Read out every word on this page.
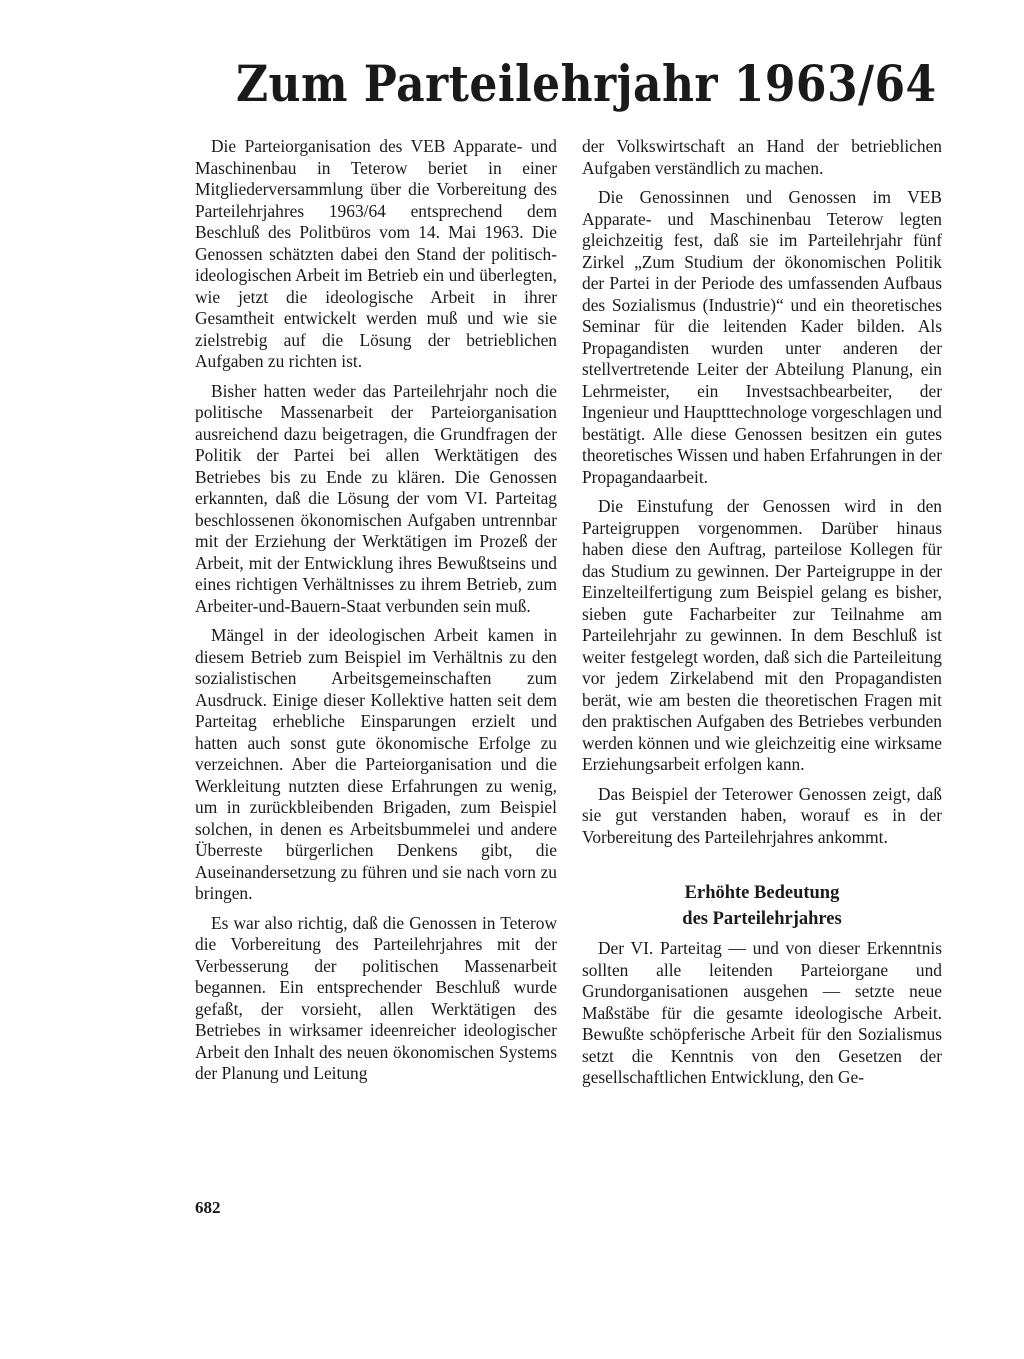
Zum Parteilehrjahr 1963/64

Die Parteiorganisation des VEB Apparate- und Maschinenbau in Teterow beriet in einer Mitgliederversammlung über die Vorbereitung des Parteilehrjahres 1963/64 entsprechend dem Beschluß des Politbüros vom 14. Mai 1963. Die Genossen schätzten dabei den Stand der politisch-ideologischen Arbeit im Betrieb ein und überlegten, wie jetzt die ideologische Arbeit in ihrer Gesamtheit entwickelt werden muß und wie sie zielstrebig auf die Lösung der betrieblichen Aufgaben zu richten ist.

Bisher hatten weder das Parteilehrjahr noch die politische Massenarbeit der Parteiorganisation ausreichend dazu beigetragen, die Grundfragen der Politik der Partei bei allen Werktätigen des Betriebes bis zu Ende zu klären. Die Genossen erkannten, daß die Lösung der vom VI. Parteitag beschlossenen ökonomischen Aufgaben untrennbar mit der Erziehung der Werktätigen im Prozeß der Arbeit, mit der Entwicklung ihres Bewußtseins und eines richtigen Verhältnisses zu ihrem Betrieb, zum Arbeiter-und-Bauern-Staat verbunden sein muß.

Mängel in der ideologischen Arbeit kamen in diesem Betrieb zum Beispiel im Verhältnis zu den sozialistischen Arbeitsgemeinschaften zum Ausdruck. Einige dieser Kollektive hatten seit dem Parteitag erhebliche Einsparungen erzielt und hatten auch sonst gute ökonomische Erfolge zu verzeichnen. Aber die Parteiorganisation und die Werkleitung nutzten diese Erfahrungen zu wenig, um in zurückbleibenden Brigaden, zum Beispiel solchen, in denen es Arbeitsbummelei und andere Überreste bürgerlichen Denkens gibt, die Auseinandersetzung zu führen und sie nach vorn zu bringen.

Es war also richtig, daß die Genossen in Teterow die Vorbereitung des Parteilehrjahres mit der Verbesserung der politischen Massenarbeit begannen. Ein entsprechender Beschluß wurde gefaßt, der vorsieht, allen Werktätigen des Betriebes in wirksamer ideenreicher ideologischer Arbeit den Inhalt des neuen ökonomischen Systems der Planung und Leitung

der Volkswirtschaft an Hand der betrieblichen Aufgaben verständlich zu machen.

Die Genossinnen und Genossen im VEB Apparate- und Maschinenbau Teterow legten gleichzeitig fest, daß sie im Parteilehrjahr fünf Zirkel „Zum Studium der ökonomischen Politik der Partei in der Periode des umfassenden Aufbaus des Sozialismus (Industrie)“ und ein theoretisches Seminar für die leitenden Kader bilden. Als Propagandisten wurden unter anderen der stellvertretende Leiter der Abteilung Planung, ein Lehrmeister, ein Investsachbearbeiter, der Ingenieur und Hauptttechnologe vorgeschlagen und bestätigt. Alle diese Genossen besitzen ein gutes theoretisches Wissen und haben Erfahrungen in der Propagandaarbeit.

Die Einstufung der Genossen wird in den Parteigruppen vorgenommen. Darüber hinaus haben diese den Auftrag, parteilose Kollegen für das Studium zu gewinnen. Der Parteigruppe in der Einzelteilfertigung zum Beispiel gelang es bisher, sieben gute Facharbeiter zur Teilnahme am Parteilehrjahr zu gewinnen. In dem Beschluß ist weiter festgelegt worden, daß sich die Parteileitung vor jedem Zirkelabend mit den Propagandisten berät, wie am besten die theoretischen Fragen mit den praktischen Aufgaben des Betriebes verbunden werden können und wie gleichzeitig eine wirksame Erziehungsarbeit erfolgen kann.

Das Beispiel der Teterower Genossen zeigt, daß sie gut verstanden haben, worauf es in der Vorbereitung des Parteilehrjahres ankommt.

Erhöhte Bedeutung
des Parteilehrjahres

Der VI. Parteitag — und von dieser Erkenntnis sollten alle leitenden Parteiorgane und Grundorganisationen ausgehen — setzte neue Maßstäbe für die gesamte ideologische Arbeit. Bewußte schöpferische Arbeit für den Sozialismus setzt die Kenntnis von den Gesetzen der gesellschaftlichen Entwicklung, den Ge-

682
